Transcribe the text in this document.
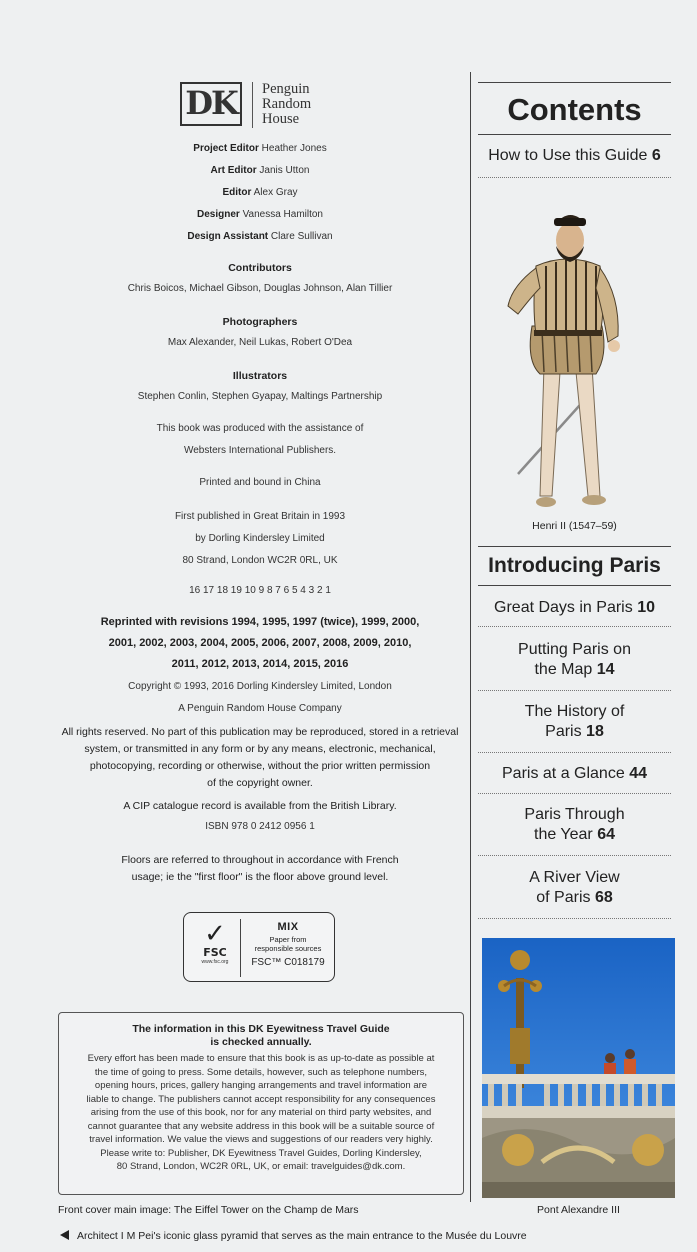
DK	Penguin
Random
House
Project Editor Heather Jones
Art Editor Janis Utton
Editor Alex Gray
Designer Vanessa Hamilton
Design Assistant Clare Sullivan
Contributors
Chris Boicos, Michael Gibson, Douglas Johnson, Alan Tillier
Photographers
Max Alexander, Neil Lukas, Robert O'Dea
Illustrators
Stephen Conlin, Stephen Gyapay, Maltings Partnership
This book was produced with the assistance of
Websters International Publishers.
Printed and bound in China
First published in Great Britain in 1993
by Dorling Kindersley Limited
80 Strand, London WC2R 0RL, UK
16 17 18 19 10 9 8 7 6 5 4 3 2 1
Reprinted with revisions 1994, 1995, 1997 (twice), 1999, 2000,
2001, 2002, 2003, 2004, 2005, 2006, 2007, 2008, 2009, 2010,
2011, 2012, 2013, 2014, 2015, 2016
Copyright © 1993, 2016 Dorling Kindersley Limited, London
A Penguin Random House Company
All rights reserved. No part of this publication may be reproduced, stored in a retrieval
system, or transmitted in any form or by any means, electronic, mechanical,
photocopying, recording or otherwise, without the prior written permission
of the copyright owner.
A CIP catalogue record is available from the British Library.
ISBN 978 0 2412 0956 1
Floors are referred to throughout in accordance with French
usage; ie the "first floor" is the floor above ground level.
✓
FSC
www.fsc.org
MIX
Paper from
responsible sources
FSC™ C018179
The information in this DK Eyewitness Travel Guide
is checked annually.
Every effort has been made to ensure that this book is as up-to-date as possible at
the time of going to press. Some details, however, such as telephone numbers,
opening hours, prices, gallery hanging arrangements and travel information are
liable to change. The publishers cannot accept responsibility for any consequences
arising from the use of this book, nor for any material on third party websites, and
cannot guarantee that any website address in this book will be a suitable source of
travel information. We value the views and suggestions of our readers very highly.
Please write to: Publisher, DK Eyewitness Travel Guides, Dorling Kindersley,
80 Strand, London, WC2R 0RL, UK, or email: travelguides@dk.com.
Front cover main image: The Eiffel Tower on the Champ de Mars
Architect I M Pei's iconic glass pyramid that serves as the main entrance to the Musée du Louvre
Contents
How to Use this Guide 6
Henri II (1547–59)
Introducing Paris
Great Days in Paris 10
Putting Paris on
the Map 14
The History of
Paris 18
Paris at a Glance 44
Paris Through
the Year 64
A River View
of Paris 68
Pont Alexandre III
